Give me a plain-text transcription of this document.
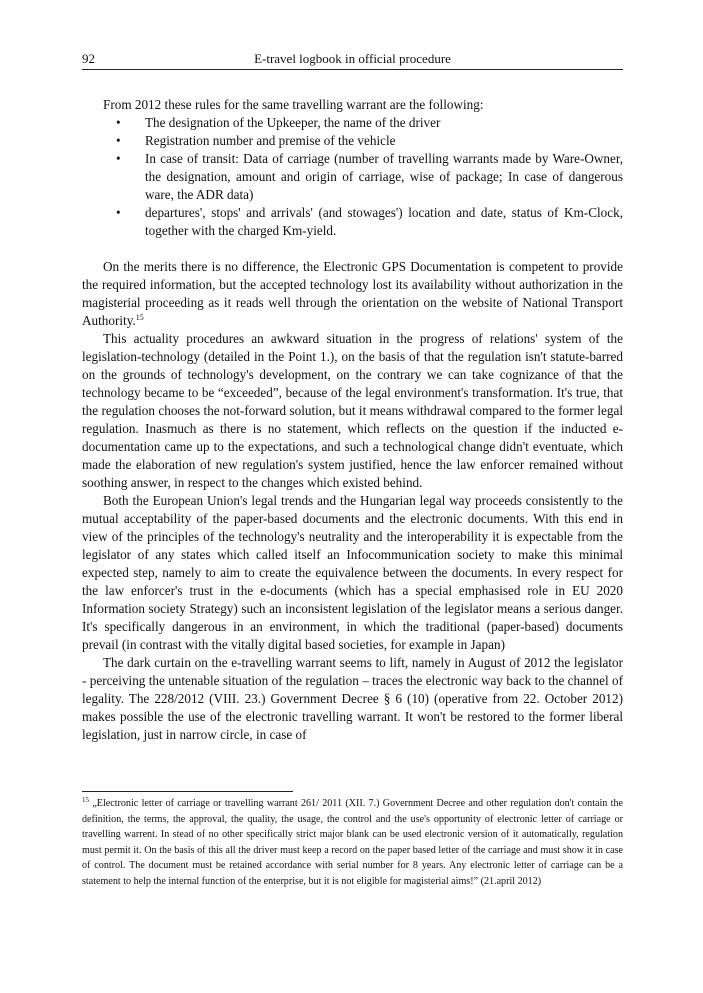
92	E-travel logbook in official procedure

From 2012 these rules for the same travelling warrant are the following:

• The designation of the Upkeeper, the name of the driver
• Registration number and premise of the vehicle
• In case of transit: Data of carriage (number of travelling warrants made by Ware-Owner, the designation, amount and origin of carriage, wise of package; In case of dangerous ware, the ADR data)
• departures', stops' and arrivals' (and stowages') location and date, status of Km-Clock, together with the charged Km-yield.

On the merits there is no difference, the Electronic GPS Documentation is competent to provide the required information, but the accepted technology lost its availability without authorization in the magisterial proceeding as it reads well through the orientation on the website of National Transport Authority.$^{15}$

This actuality procedures an awkward situation in the progress of relations' system of the legislation-technology (detailed in the Point 1.), on the basis of that the regulation isn't statute-barred on the grounds of technology's development, on the contrary we can take cognizance of that the technology became to be “exceeded”, because of the legal environment's transformation. It's true, that the regulation chooses the not-forward solution, but it means withdrawal compared to the former legal regulation. Inasmuch as there is no statement, which reflects on the question if the inducted e-documentation came up to the expectations, and such a technological change didn't eventuate, which made the elaboration of new regulation's system justified, hence the law enforcer remained without soothing answer, in respect to the changes which existed behind.

Both the European Union's legal trends and the Hungarian legal way proceeds consistently to the mutual acceptability of the paper-based documents and the electronic documents. With this end in view of the principles of the technology's neutrality and the interoperability it is expectable from the legislator of any states which called itself an Infocommunication society to make this minimal expected step, namely to aim to create the equivalence between the documents. In every respect for the law enforcer's trust in the e-documents (which has a special emphasised role in EU 2020 Information society Strategy) such an inconsistent legislation of the legislator means a serious danger. It's specifically dangerous in an environment, in which the traditional (paper-based) documents prevail (in contrast with the vitally digital based societies, for example in Japan)

The dark curtain on the e-travelling warrant seems to lift, namely in August of 2012 the legislator - perceiving the untenable situation of the regulation – traces the electronic way back to the channel of legality. The 228/2012 (VIII. 23.) Government Decree § 6 (10) (operative from 22. October 2012) makes possible the use of the electronic travelling warrant. It won't be restored to the former liberal legislation, just in narrow circle, in case of

$^{15}$ „Electronic letter of carriage or travelling warrant 261/ 2011 (XII. 7.) Government Decree and other regulation don't contain the definition, the terms, the approval, the quality, the usage, the control and the use's opportunity of electronic letter of carriage or travelling warrent. In stead of no other specifically strict major blank can be used electronic version of it automatically, regulation must permit it. On the basis of this all the driver must keep a record on the paper based letter of the carriage and must show it in case of control. The document must be retained accordance with serial number for 8 years. Any electronic letter of carriage can be a statement to help the internal function of the enterprise, but it is not eligible for magisterial aims!” (21.april 2012)
